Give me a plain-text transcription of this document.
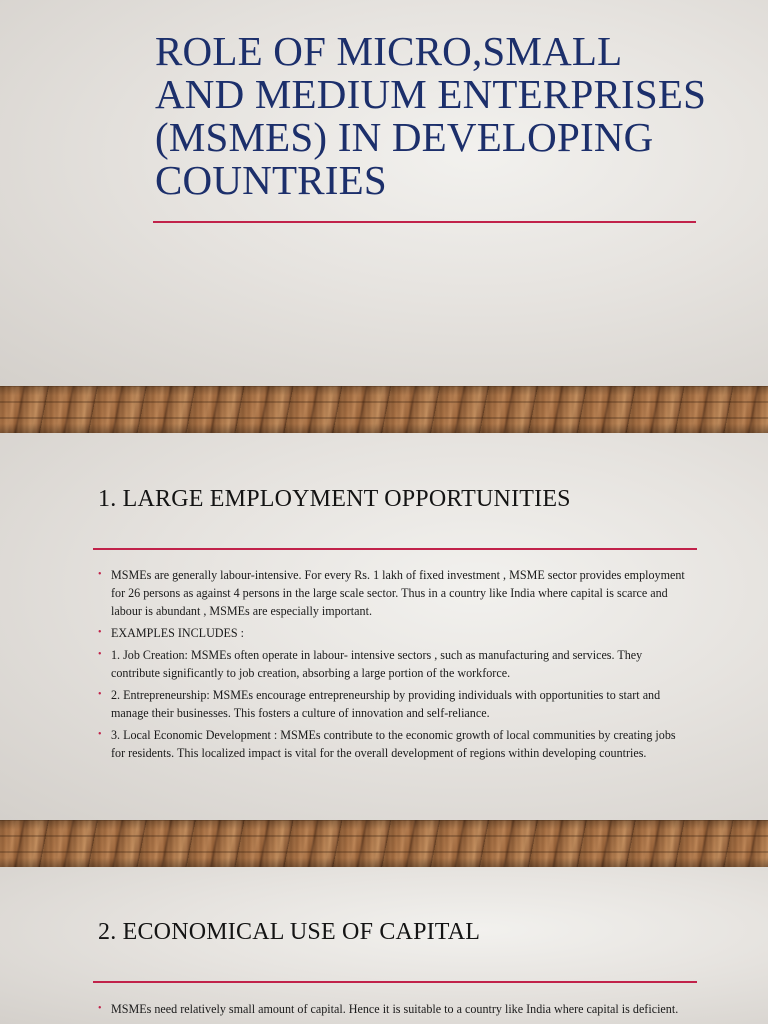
ROLE OF MICRO,SMALL AND MEDIUM ENTERPRISES (MSMES) IN DEVELOPING COUNTRIES
1. LARGE EMPLOYMENT OPPORTUNITIES
• MSMEs are generally labour-intensive. For every Rs. 1 lakh of fixed investment , MSME sector provides employment for 26 persons as against 4 persons in the large scale sector. Thus in a country like India where capital is scarce and labour is abundant , MSMEs are especially important.
• EXAMPLES INCLUDES :
• 1. Job Creation: MSMEs often operate in labour- intensive sectors , such as manufacturing and services. They contribute significantly to job creation, absorbing a large portion of the workforce.
• 2. Entrepreneurship: MSMEs encourage entrepreneurship by providing individuals with opportunities to start and manage their businesses. This fosters a culture of innovation and self-reliance.
• 3. Local Economic Development : MSMEs contribute to the economic growth of local communities by creating jobs for residents. This localized impact is vital for the overall development of regions within developing countries.
2. ECONOMICAL USE OF CAPITAL
• MSMEs need relatively small amount of capital. Hence it is suitable to a country like India where capital is deficient.
